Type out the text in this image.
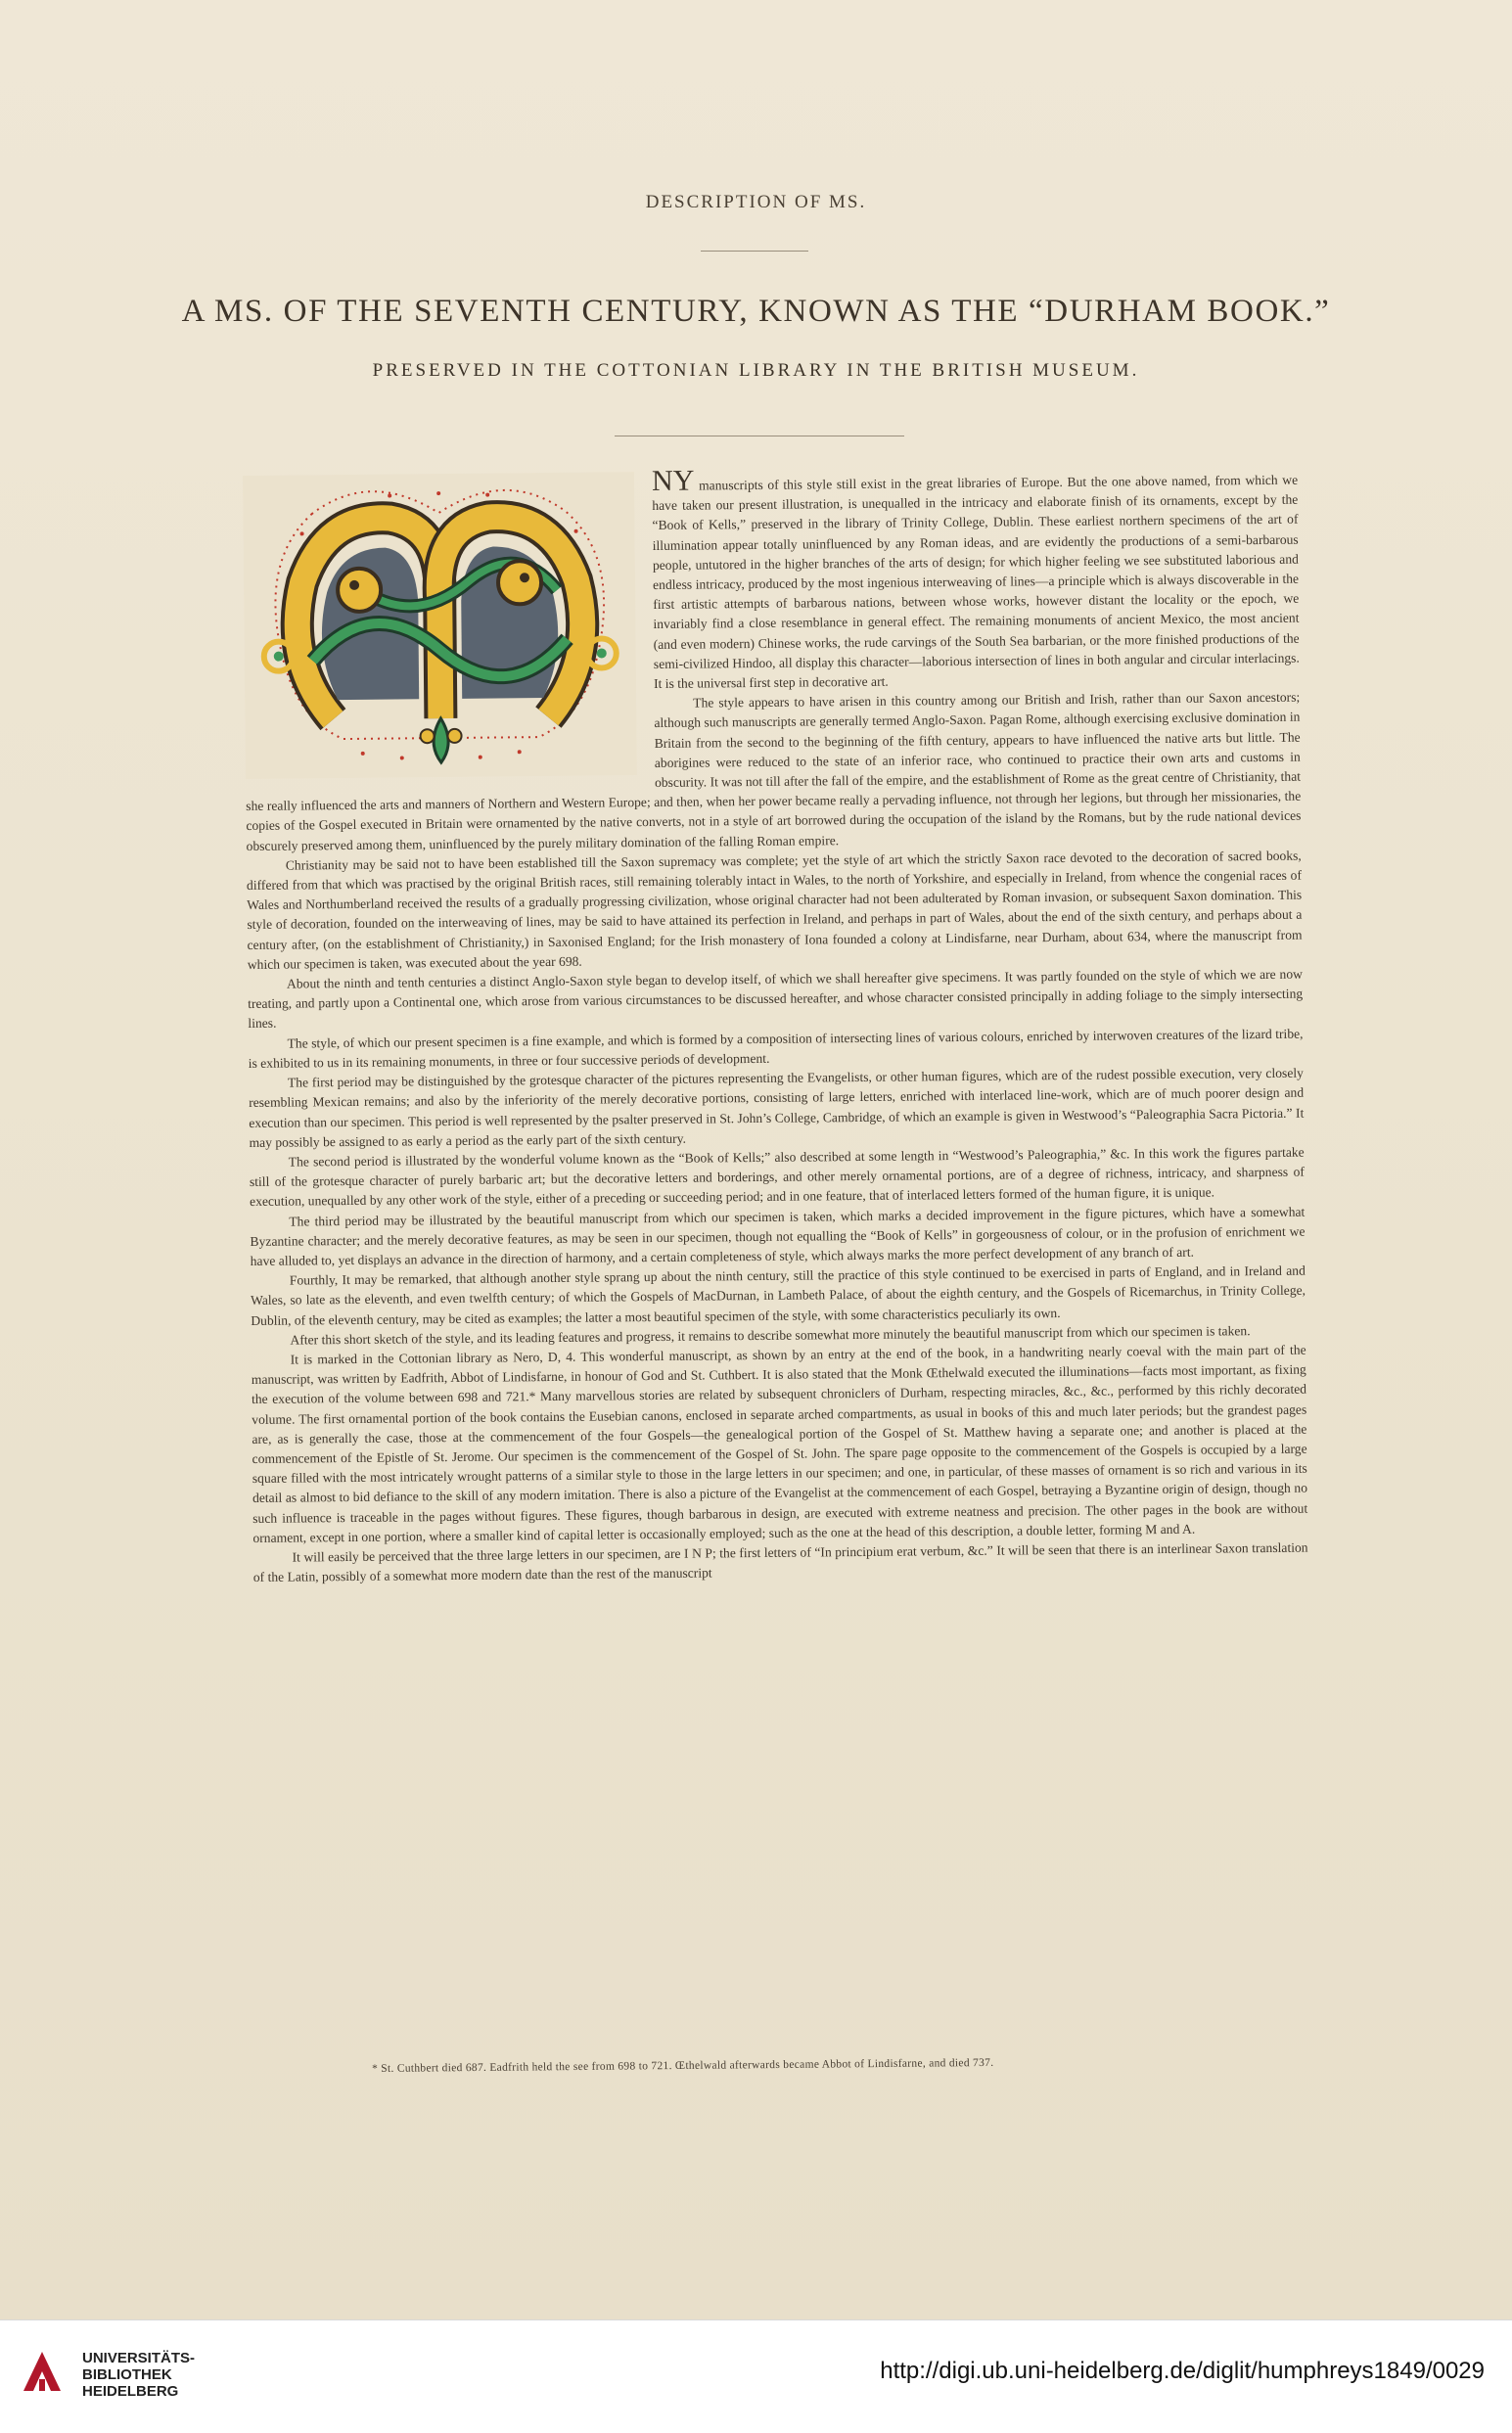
DESCRIPTION OF MS.
A MS. OF THE SEVENTH CENTURY, KNOWN AS THE “DURHAM BOOK.”
PRESERVED IN THE COTTONIAN LIBRARY IN THE BRITISH MUSEUM.

NY manuscripts of this style still exist in the great libraries of Europe. But the one above named, from which we have taken our present illustration, is unequalled in the intricacy and elaborate finish of its ornaments, except by the “Book of Kells,” preserved in the library of Trinity College, Dublin. These earliest northern specimens of the art of illumination appear totally uninfluenced by any Roman ideas, and are evidently the productions of a semi-barbarous people, untutored in the higher branches of the arts of design; for which higher feeling we see substituted laborious and endless intricacy, produced by the most ingenious interweaving of lines—a principle which is always discoverable in the first artistic attempts of barbarous nations, between whose works, however distant the locality or the epoch, we invariably find a close resemblance in general effect. The remaining monuments of ancient Mexico, the most ancient (and even modern) Chinese works, the rude carvings of the South Sea barbarian, or the more finished productions of the semi-civilized Hindoo, all display this character—laborious intersection of lines in both angular and circular interlacings. It is the universal first step in decorative art.

The style appears to have arisen in this country among our British and Irish, rather than our Saxon ancestors; although such manuscripts are generally termed Anglo-Saxon. Pagan Rome, although exercising exclusive domination in Britain from the second to the beginning of the fifth century, appears to have influenced the native arts but little. The aborigines were reduced to the state of an inferior race, who continued to practice their own arts and customs in obscurity. It was not till after the fall of the empire, and the establishment of Rome as the great centre of Christianity, that she really influenced the arts and manners of Northern and Western Europe; and then, when her power became really a pervading influence, not through her legions, but through her missionaries, the copies of the Gospel executed in Britain were ornamented by the native converts, not in a style of art borrowed during the occupation of the island by the Romans, but by the rude national devices obscurely preserved among them, uninfluenced by the purely military domination of the falling Roman empire.

Christianity may be said not to have been established till the Saxon supremacy was complete; yet the style of art which the strictly Saxon race devoted to the decoration of sacred books, differed from that which was practised by the original British races, still remaining tolerably intact in Wales, to the north of Yorkshire, and especially in Ireland, from whence the congenial races of Wales and Northumberland received the results of a gradually progressing civilization, whose original character had not been adulterated by Roman invasion, or subsequent Saxon domination. This style of decoration, founded on the interweaving of lines, may be said to have attained its perfection in Ireland, and perhaps in part of Wales, about the end of the sixth century, and perhaps about a century after, (on the establishment of Christianity,) in Saxonised England; for the Irish monastery of Iona founded a colony at Lindisfarne, near Durham, about 634, where the manuscript from which our specimen is taken, was executed about the year 698.

About the ninth and tenth centuries a distinct Anglo-Saxon style began to develop itself, of which we shall hereafter give specimens. It was partly founded on the style of which we are now treating, and partly upon a Continental one, which arose from various circumstances to be discussed hereafter, and whose character consisted principally in adding foliage to the simply intersecting lines.

The style, of which our present specimen is a fine example, and which is formed by a composition of intersecting lines of various colours, enriched by interwoven creatures of the lizard tribe, is exhibited to us in its remaining monuments, in three or four successive periods of development.

The first period may be distinguished by the grotesque character of the pictures representing the Evangelists, or other human figures, which are of the rudest possible execution, very closely resembling Mexican remains; and also by the inferiority of the merely decorative portions, consisting of large letters, enriched with interlaced line-work, which are of much poorer design and execution than our specimen. This period is well represented by the psalter preserved in St. John’s College, Cambridge, of which an example is given in Westwood’s “Paleographia Sacra Pictoria.” It may possibly be assigned to as early a period as the early part of the sixth century.

The second period is illustrated by the wonderful volume known as the “Book of Kells;” also described at some length in “Westwood’s Paleographia,” &c. In this work the figures partake still of the grotesque character of purely barbaric art; but the decorative letters and borderings, and other merely ornamental portions, are of a degree of richness, intricacy, and sharpness of execution, unequalled by any other work of the style, either of a preceding or succeeding period; and in one feature, that of interlaced letters formed of the human figure, it is unique.

The third period may be illustrated by the beautiful manuscript from which our specimen is taken, which marks a decided improvement in the figure pictures, which have a somewhat Byzantine character; and the merely decorative features, as may be seen in our specimen, though not equalling the “Book of Kells” in gorgeousness of colour, or in the profusion of enrichment we have alluded to, yet displays an advance in the direction of harmony, and a certain completeness of style, which always marks the more perfect development of any branch of art.

Fourthly, It may be remarked, that although another style sprang up about the ninth century, still the practice of this style continued to be exercised in parts of England, and in Ireland and Wales, so late as the eleventh, and even twelfth century; of which the Gospels of MacDurnan, in Lambeth Palace, of about the eighth century, and the Gospels of Ricemarchus, in Trinity College, Dublin, of the eleventh century, may be cited as examples; the latter a most beautiful specimen of the style, with some characteristics peculiarly its own.

After this short sketch of the style, and its leading features and progress, it remains to describe somewhat more minutely the beautiful manuscript from which our specimen is taken.

It is marked in the Cottonian library as Nero, D, 4. This wonderful manuscript, as shown by an entry at the end of the book, in a handwriting nearly coeval with the main part of the manuscript, was written by Eadfrith, Abbot of Lindisfarne, in honour of God and St. Cuthbert. It is also stated that the Monk Œthelwald executed the illuminations—facts most important, as fixing the execution of the volume between 698 and 721.* Many marvellous stories are related by subsequent chroniclers of Durham, respecting miracles, &c., &c., performed by this richly decorated volume. The first ornamental portion of the book contains the Eusebian canons, enclosed in separate arched compartments, as usual in books of this and much later periods; but the grandest pages are, as is generally the case, those at the commencement of the four Gospels—the genealogical portion of the Gospel of St. Matthew having a separate one; and another is placed at the commencement of the Epistle of St. Jerome. Our specimen is the commencement of the Gospel of St. John. The spare page opposite to the commencement of the Gospels is occupied by a large square filled with the most intricately wrought patterns of a similar style to those in the large letters in our specimen; and one, in particular, of these masses of ornament is so rich and various in its detail as almost to bid defiance to the skill of any modern imitation. There is also a picture of the Evangelist at the commencement of each Gospel, betraying a Byzantine origin of design, though no such influence is traceable in the pages without figures. These figures, though barbarous in design, are executed with extreme neatness and precision. The other pages in the book are without ornament, except in one portion, where a smaller kind of capital letter is occasionally employed; such as the one at the head of this description, a double letter, forming M and A.

It will easily be perceived that the three large letters in our specimen, are I N P; the first letters of “In principium erat verbum, &c.” It will be seen that there is an interlinear Saxon translation of the Latin, possibly of a somewhat more modern date than the rest of the manuscript

* St. Cuthbert died 687. Eadfrith held the see from 698 to 721. Œthelwald afterwards became Abbot of Lindisfarne, and died 737.
UNIVERSITÄTS-
BIBLIOTHEK
HEIDELBERG
http://digi.ub.uni-heidelberg.de/diglit/humphreys1849/0029
